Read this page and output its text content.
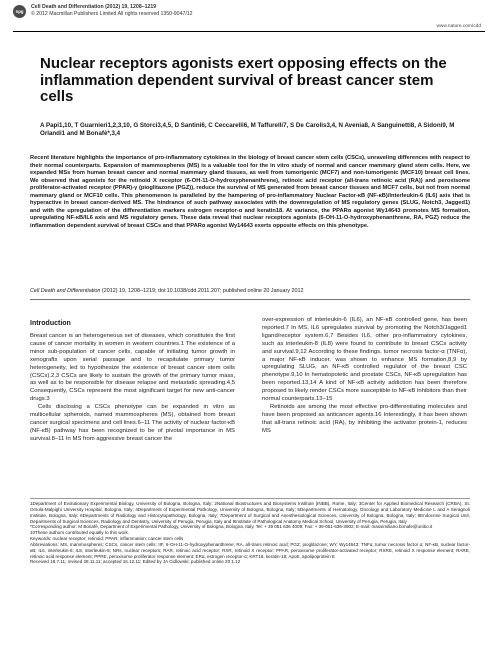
npg
Cell Death and Differentiation (2012) 19, 1208–1219
© 2012 Macmillan Publishers Limited All rights reserved 1350-9047/12
www.nature.com/cdd
Nuclear receptors agonists exert opposing effects on the inflammation dependent survival of breast cancer stem cells

A Papi1,10, T Guarnieri1,2,3,10, G Storci3,4,5, D Santini6, C Ceccarelli6, M Taffurelli7, S De Carolis3,4, N Avenia8, A Sanguinetti8, A Sidoni9, M Orlandi1 and M Bonafè*,3,4

Recent literature highlights the importance of pro-inflammatory cytokines in the biology of breast cancer stem cells (CSCs), unraveling differences with respect to their normal counterparts. Expansion of mammospheres (MS) is a valuable tool for the in vitro study of normal and cancer mammary gland stem cells. Here, we expanded MSs from human breast cancer and normal mammary gland tissues, as well from tumorigenic (MCF7) and non-tumorigenic (MCF10) breast cell lines. We observed that agonists for the retinoid X receptor (6-OH-11-O-hydroxyphenanthrene), retinoic acid receptor (all-trans retinoic acid (RA)) and peroxisome proliferator-activated receptor (PPAR)-γ (pioglitazone (PGZ)), reduce the survival of MS generated from breast cancer tissues and MCF7 cells, but not from normal mammary gland or MCF10 cells. This phenomenon is paralleled by the hampering of pro-inflammatory Nuclear Factor-κB (NF-κB)/Interleukin-6 (IL6) axis that is hyperactive in breast cancer-derived MS. The hindrance of such pathway associates with the downregulation of MS regulatory genes (SLUG, Notch3, Jagged1) and with the upregulation of the differentiation markers estrogen receptor-α and keratin18. At variance, the PPARα agonist Wy14643 promotes MS formation, upregulating NF-κB/IL6 axis and MS regulatory genes. These data reveal that nuclear receptors agonists (6-OH-11-O-hydroxyphenanthrene, RA, PGZ) reduce the inflammation dependent survival of breast CSCs and that PPARα agonist Wy14643 exerts opposite effects on this phenotype.

Cell Death and Differentiation (2012) 19, 1208–1219; doi:10.1038/cdd.2011.207; published online 20 January 2012

Introduction

Breast cancer is an heterogeneous set of diseases, which constitutes the first cause of cancer mortality in women in western countries.1 The existence of a minor sub-population of cancer cells, capable of initiating tumor growth in xenografts upon serial passage and to recapitulate primary tumor heterogeneity, led to hypothesize the existence of breast cancer stem cells (CSCs).2,3 CSCs are likely to sustain the growth of the primary tumor mass, as well as to be responsible for disease relapse and metastatic spreading.4,5 Consequently, CSCs represent the most significant target for new anti-cancer drugs.3

Cells disclosing a CSCs phenotype can be expanded in vitro as multicellular spheroids, named mammospheres (MS), obtained from breast cancer surgical specimens and cell lines.6–11 The activity of nuclear factor-κB (NF-κB) pathway has been recognized to be of pivotal importance in MS survival.8–11 In MS from aggressive breast cancer the

over-expression of interleukin-6 (IL6), an NF-κB controlled gene, has been reported.7 In MS, IL6 upregulates survival by promoting the Notch3/Jagged1 ligand/receptor system.6,7 Besides IL6, other pro-inflammatory cytokines, such as interleukin-8 (IL8) were found to contribute to breast CSCs activity and survival.9,12 According to these findings, tumor necrosis factor-α (TNFα), a major NF-κB inducer, was shown to enhance MS formation,8,9 by upregulating SLUG, an NF-κB controlled regulator of the breast CSC phenotype.9,10 In hematopoietic and prostate CSCs, NF-κB upregulation has been reported.13,14 A kind of NF-κB activity addiction has been therefore proposed to likely render CSCs more susceptible to NF-κB inhibitors than their normal counterparts.13–15

Retinoids are among the most effective pro-differentiating molecules and have been proposed as anticancer agents.16 Interestingly, it has been shown that all-trans retinoic acid (RA), by inhibiting the activator protein-1, reduces MS

1Department of Evolutionary Experimental Biology, University of Bologna, Bologna, Italy; 2National Biostructures and Biosystems Institute (INBB), Rome, Italy; 3Center for Applied Biomedical Research (CRBA), St. Orsola-Malpighi University Hospital, Bologna, Italy; 4Department of Experimental Pathology, University of Bologna, Bologna, Italy; 5Departments of Hematology, Oncology and Laboratory Medicine L and A Seragnoli Institute, Bologna, Italy; 6Departments of Radiology and Histocytopathology, Bologna, Italy; 7Department of Surgical and Anesthesiological Sciences, University of Bologna, Bologna, Italy; 8Endocrine Surgical Unit, Departments of Surgical Sciences, Radiology and Dentistry, University of Perugia, Perugia, Italy and 9Institute of Pathological Anatomy Medical School, University of Perugia, Perugia, Italy

*Corresponding author: M Bonafè, Department of Experimental Pathology, University of Bologna, Bologna, Italy. Tel: + 39 051 636 4009; Fax: + 39-051-636-3902; E-mail: massimiliano.bonafe@unibo.it

10These authors contributed equally to this work.

Keywords: nuclear receptor; retinoid; PPAR; inflammation; cancer stem cells

Abbreviations: MS, mammospheres; CSCs, cancer stem cells; IIF, 6-OH-11-O-hydroxyphenanthrene; RA, all-trans retinoic acid; PGZ, pioglitazone; WY, Wy14643; TNFα, tumor necrosis factor α; NF-κB, nuclear factor-κB; IL6, interleukin-6; IL8, interleukin-8; NRs, nuclear receptors; RAR, retinoic acid receptor; RXR, retinoid X receptor; PPAR, peroxisome proliferator-activated receptor; RXRE, retinoid X response element; RARE, retinoic acid response element; PPRE, peroxisome proliferator response element; ERα, estrogen receptor-α; KRT18, keratin-18; ApoE, apolipoprotein E

Received 18.7.11; revised 28.11.11; accepted 16.12.11; Edited by JA Cidlowski; published online 20 1.12
